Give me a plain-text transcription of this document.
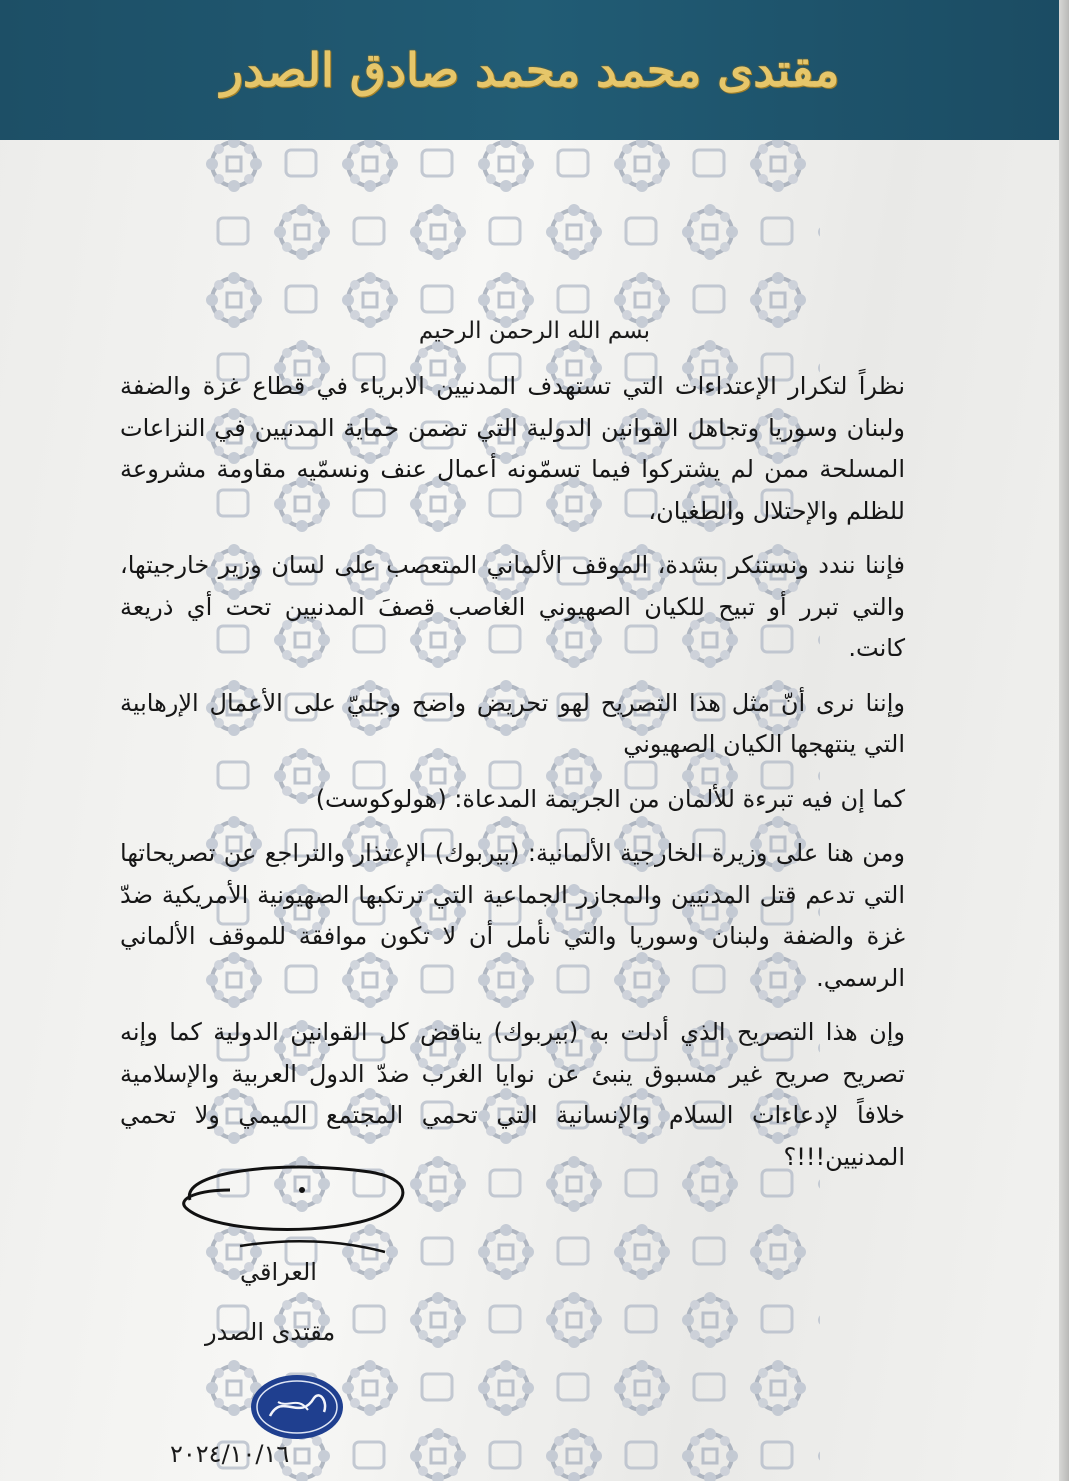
مقتدى محمد محمد صادق الصدر
بسم الله الرحمن الرحيم

نظراً لتكرار الإعتداءات التي تستهدف المدنيين الابرياء في قطاع غزة والضفة ولبنان وسوريا وتجاهل القوانين الدولية التي تضمن حماية المدنيين في النزاعات المسلحة ممن لم يشتركوا فيما تسمّونه أعمال عنف ونسمّيه مقاومة مشروعة للظلم والإحتلال والطغيان،

فإننا نندد ونستنكر بشدة، الموقف الألماني المتعصب على لسان وزير خارجيتها، والتي تبرر أو تبيح للكيان الصهيوني الغاصب قصفَ المدنيين تحت أي ذريعة كانت.

وإننا نرى أنّ مثل هذا التصريح لهو تحريض واضح وجليّ على الأعمال الإرهابية التي ينتهجها الكيان الصهيوني

كما إن فيه تبرءة للألمان من الجريمة المدعاة: (هولوكوست)

ومن هنا على وزيرة الخارجية الألمانية: (بيربوك) الإعتذار والتراجع عن تصريحاتها التي تدعم قتل المدنيين والمجازر الجماعية التي ترتكبها الصهيونية الأمريكية ضدّ غزة والضفة ولبنان وسوريا والتي نأمل أن لا تكون موافقة للموقف الألماني الرسمي.

وإن هذا التصريح الذي أدلت به (بيربوك) يناقض كل القوانين الدولية كما وإنه تصريح صريح غير مسبوق ينبئ عن نوايا الغرب ضدّ الدول العربية والإسلامية خلافاً لإدعاءات السلام والإنسانية التي تحمي المجتمع الميمي ولا تحمي المدنيين!!!؟

العراقي
مقتدى الصدر
٢٠٢٤/١٠/١٦
